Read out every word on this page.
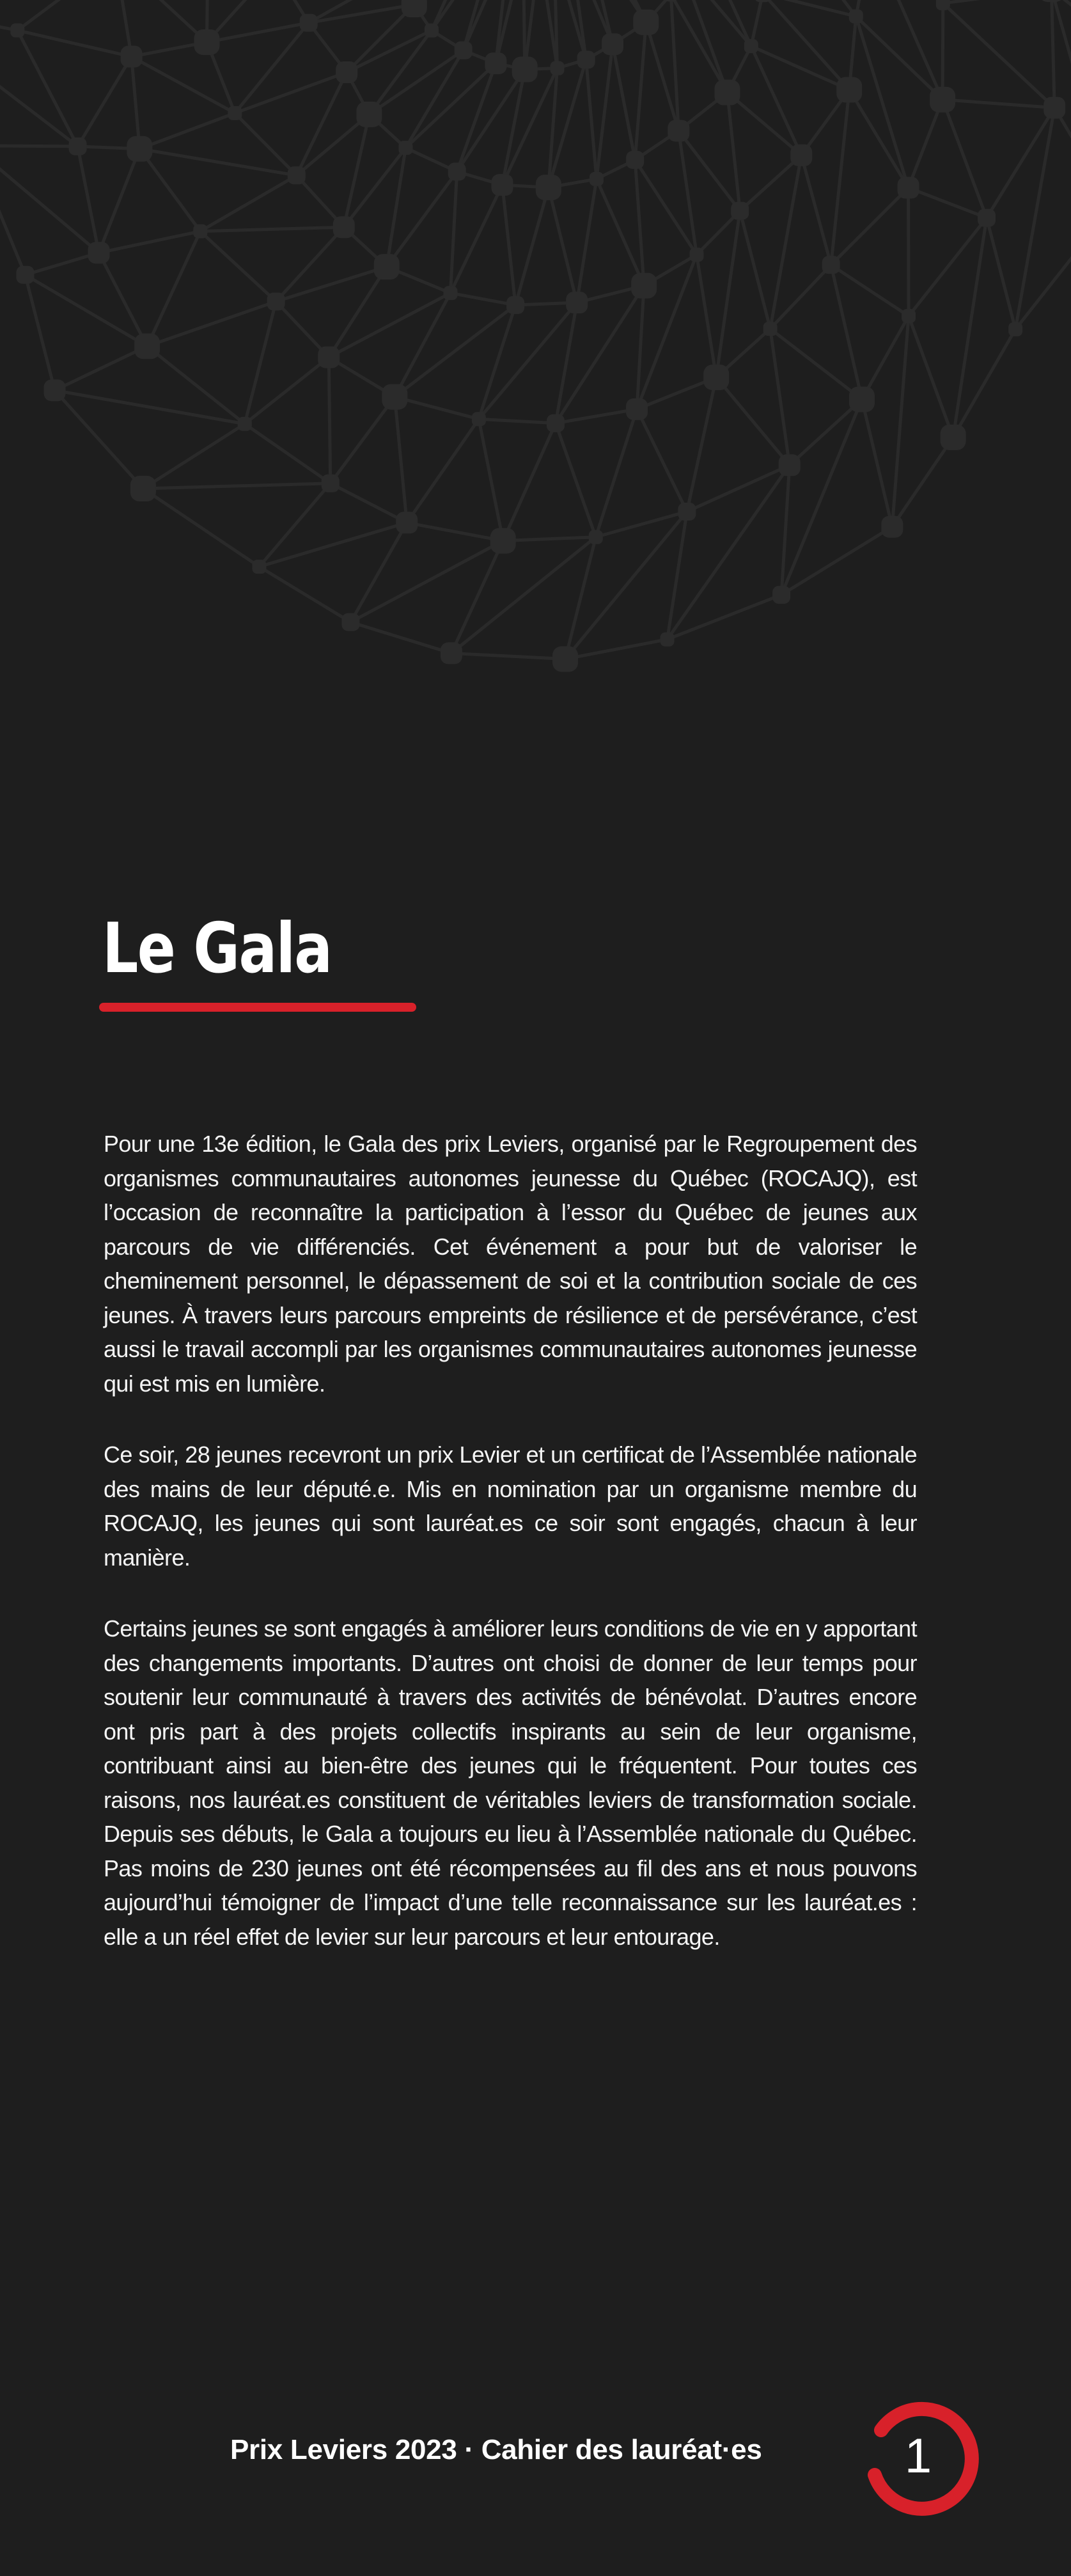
Le Gala

Pour une 13e édition, le Gala des prix Leviers, organisé par le Regroupement des organismes communautaires autonomes jeunesse du Québec (ROCAJQ), est l’occasion de reconnaître la participation à l’essor du Québec de jeunes aux parcours de vie différenciés. Cet événement a pour but de valoriser le cheminement personnel, le dépassement de soi et la contribution sociale de ces jeunes. À travers leurs parcours empreints de résilience et de persévérance, c’est aussi le travail accompli par les organismes communautaires autonomes jeunesse qui est mis en lumière.

Ce soir, 28 jeunes recevront un prix Levier et un certificat de l’Assemblée nationale des mains de leur député.e. Mis en nomination par un organisme membre du ROCAJQ, les jeunes qui sont lauréat.es ce soir sont engagés, chacun à leur manière.

Certains jeunes se sont engagés à améliorer leurs conditions de vie en y apportant des changements importants. D’autres ont choisi de donner de leur temps pour soutenir leur communauté à travers des activités de bénévolat. D’autres encore ont pris part à des projets collectifs inspirants au sein de leur organisme, contribuant ainsi au bien-être des jeunes qui le fréquentent. Pour toutes ces raisons, nos lauréat.es constituent de véritables leviers de transformation sociale. Depuis ses débuts, le Gala a toujours eu lieu à l’Assemblée nationale du Québec. Pas moins de 230 jeunes ont été récompensées au fil des ans et nous pouvons aujourd’hui témoigner de l’impact d’une telle reconnaissance sur les lauréat.es : elle a un réel effet de levier sur leur parcours et leur entourage.

Prix Leviers 2023 · Cahier des lauréat·es	1
